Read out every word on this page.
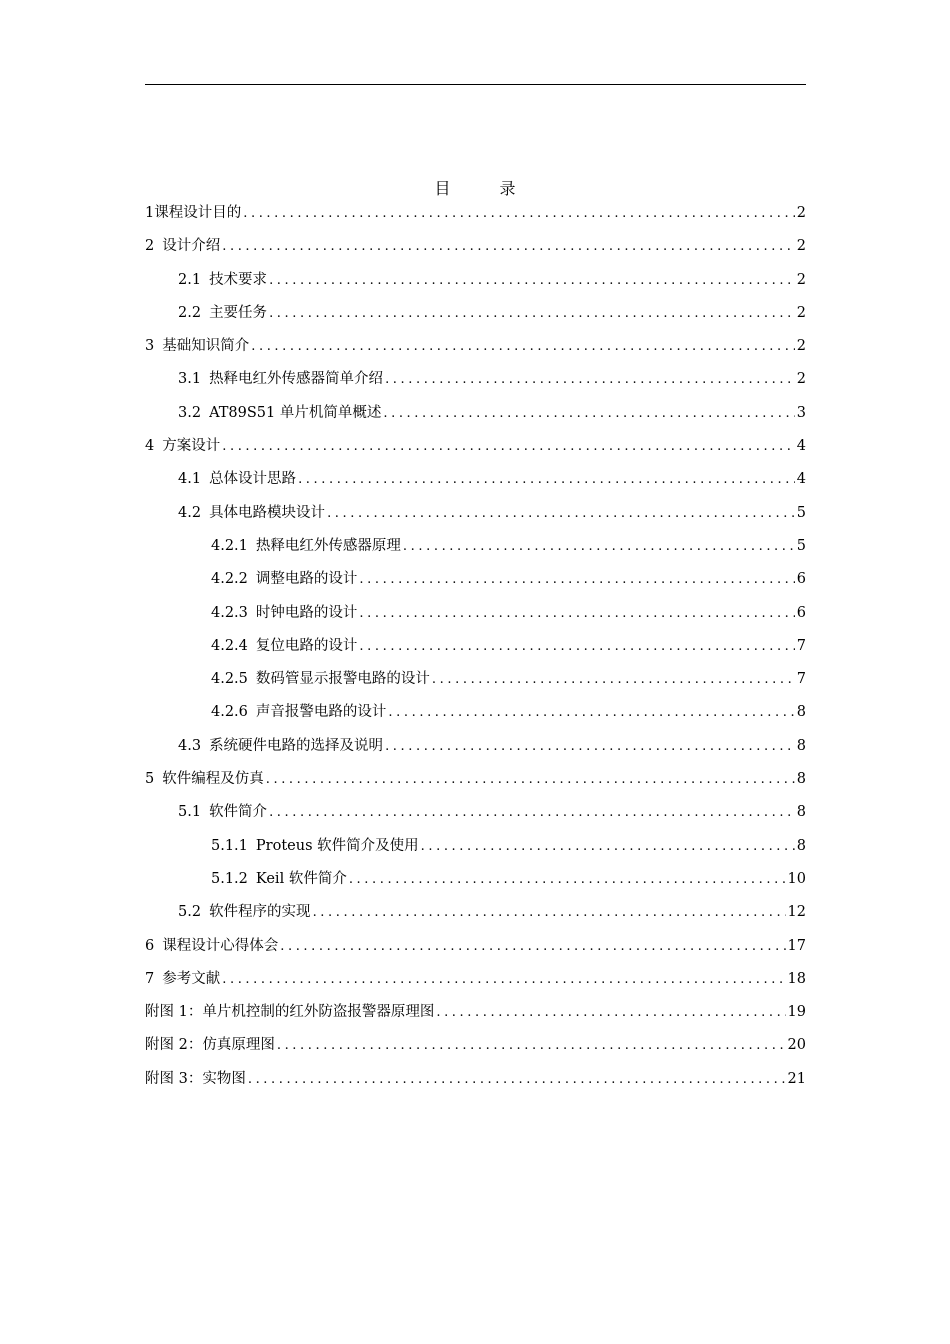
目 录
1 课程设计目的 .....	2
2 设计介绍 .....	2
2.1 技术要求 .....	2
2.2 主要任务 .....	2
3 基础知识简介 .....	2
3.1 热释电红外传感器简单介绍 .....	2
3.2 AT89S51 单片机简单概述 .....	3
4 方案设计 .....	4
4.1 总体设计思路 .....	4
4.2 具体电路模块设计 .....	5
4.2.1 热释电红外传感器原理 .....	5
4.2.2 调整电路的设计 .....	6
4.2.3 时钟电路的设计 .....	6
4.2.4 复位电路的设计 .....	7
4.2.5 数码管显示报警电路的设计 .....	7
4.2.6 声音报警电路的设计 .....	8
4.3 系统硬件电路的选择及说明 .....	8
5 软件编程及仿真 .....	8
5.1 软件简介 .....	8
5.1.1 Proteus 软件简介及使用 .....	8
5.1.2 Keil 软件简介 .....	10
5.2 软件程序的实现 .....	12
6 课程设计心得体会 .....	17
7 参考文献 .....	18
附图 1： 单片机控制的红外防盗报警器原理图 .....	19
附图 2： 仿真原理图 .....	20
附图 3： 实物图 .....	21
